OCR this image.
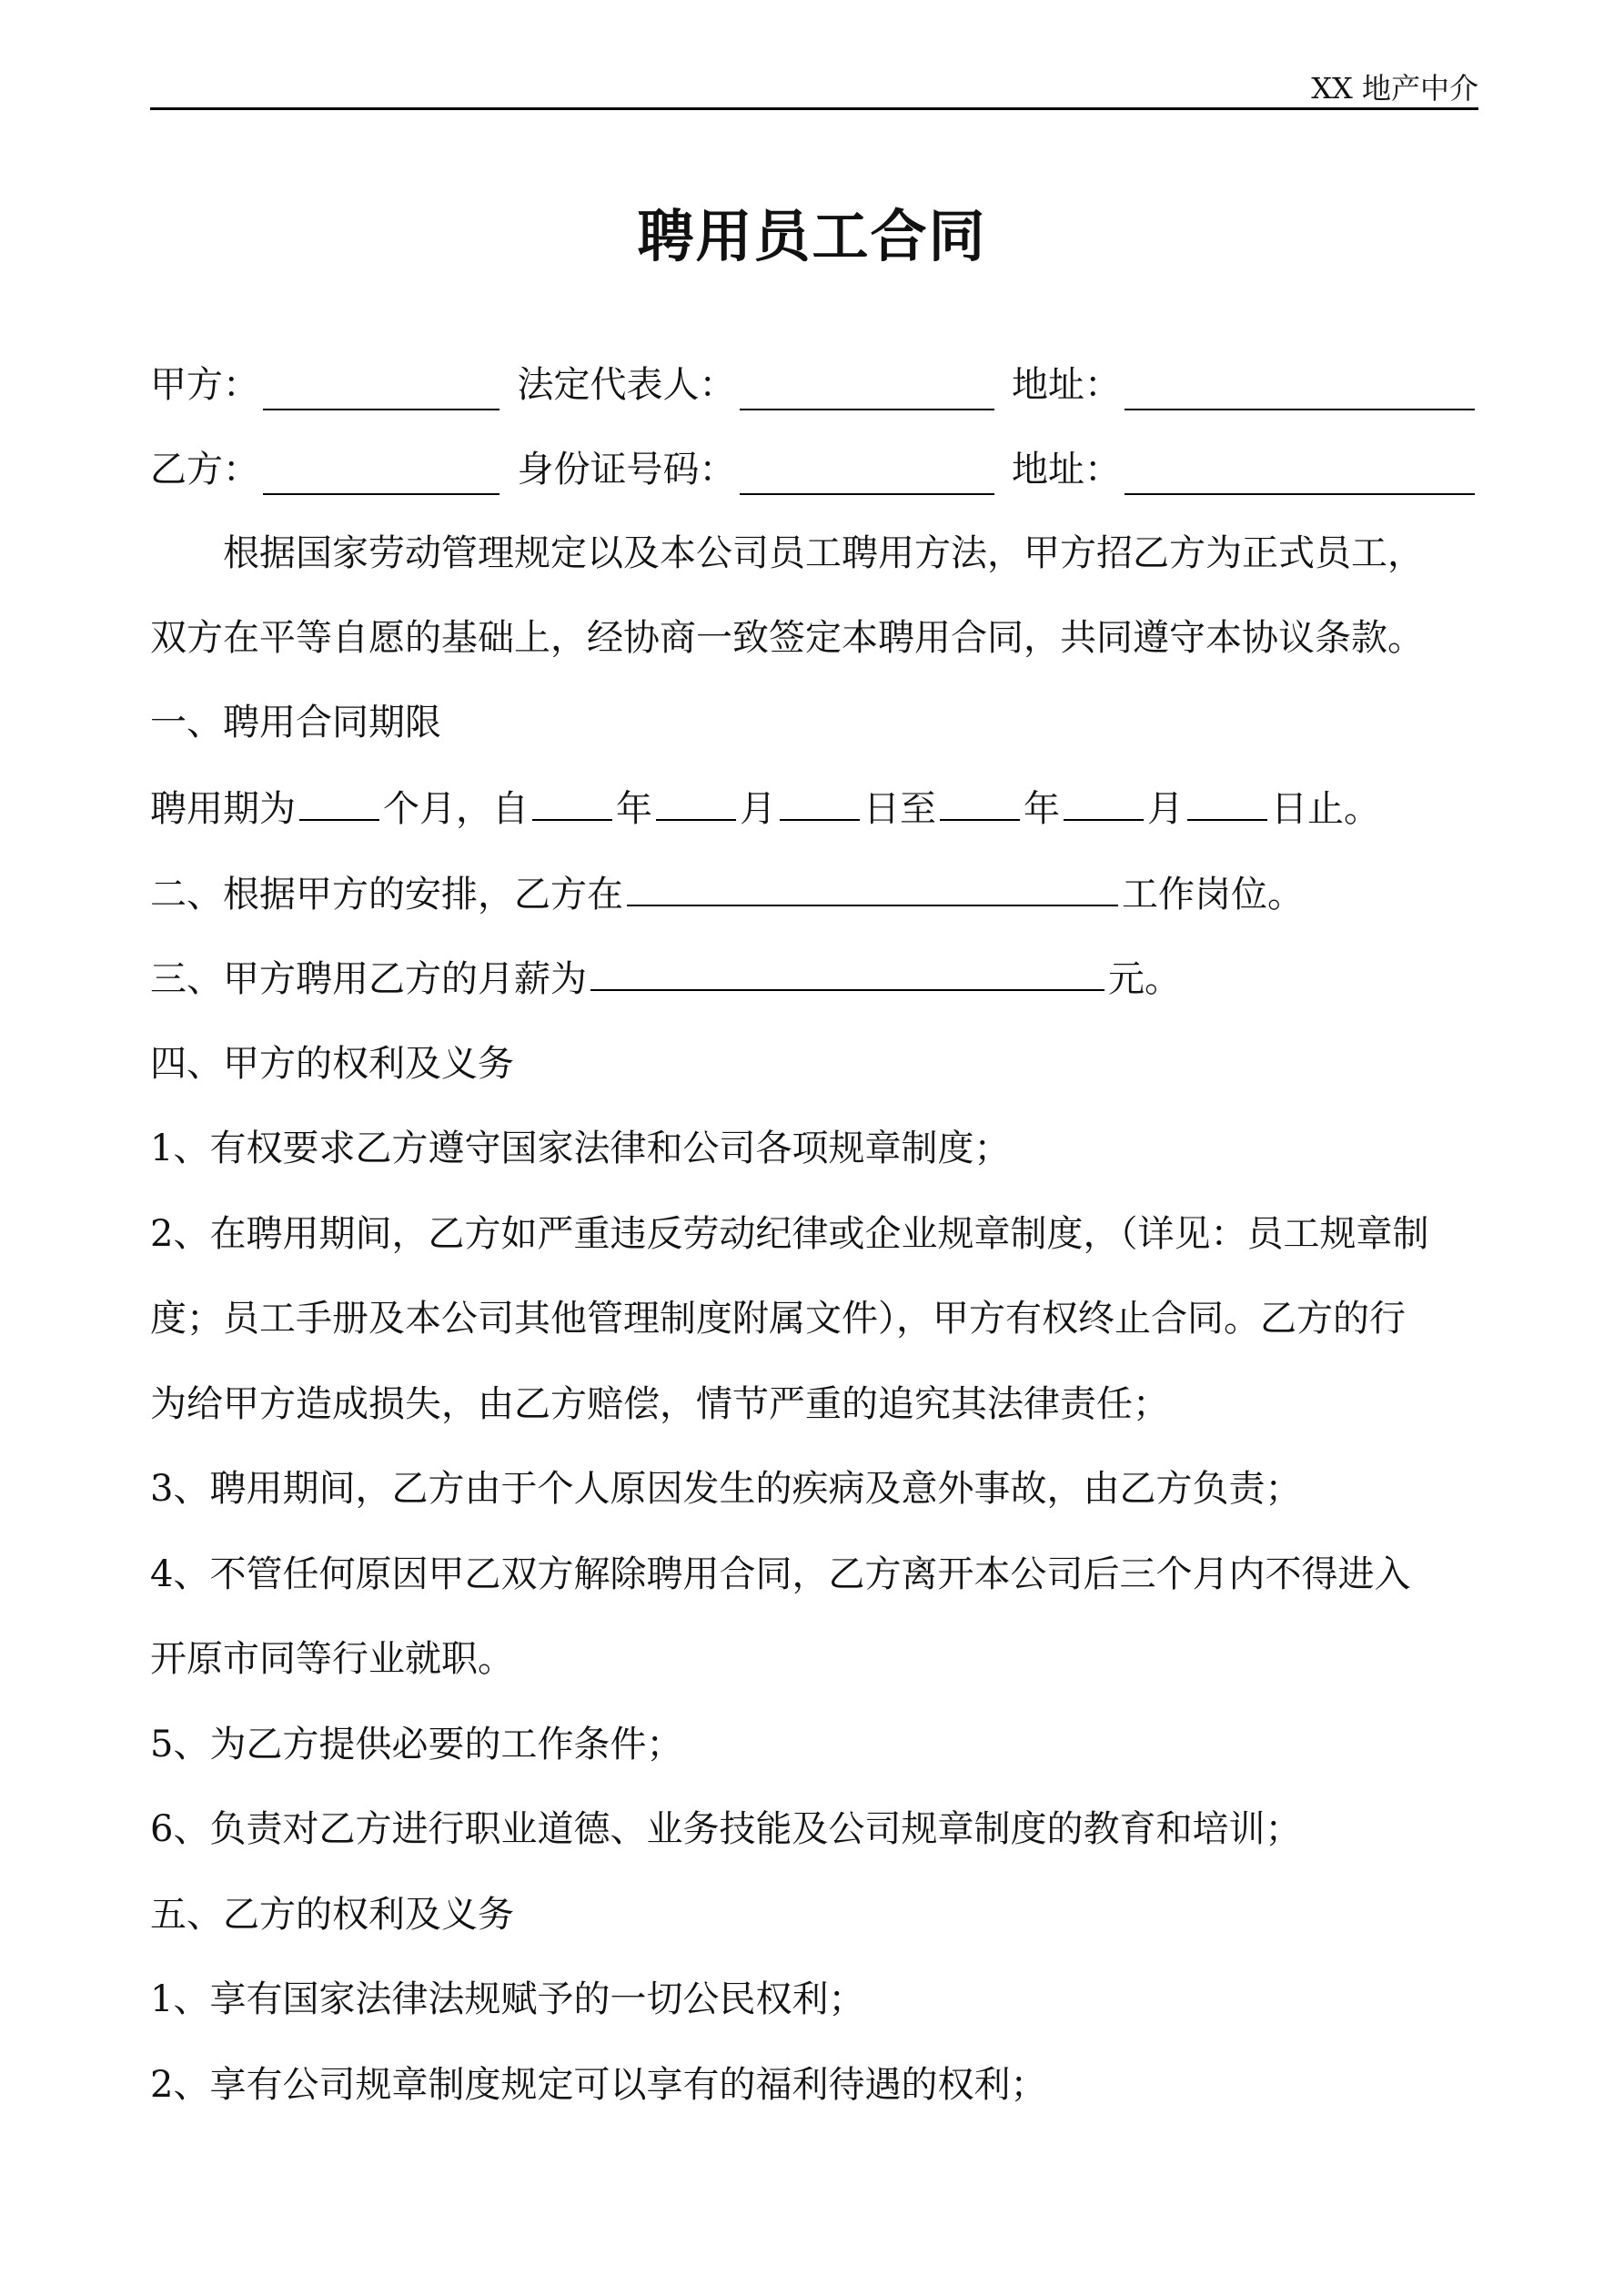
XX 地产中介
聘用员工合同
甲方：	法定代表人：	地址：
乙方：	身份证号码：	地址：
根据国家劳动管理规定以及本公司员工聘用方法，甲方招乙方为正式员工，
双方在平等自愿的基础上，经协商一致签定本聘用合同，共同遵守本协议条款。
一、聘用合同期限
聘用期为 个月，自 年 月 日至 年 月 日止。
二、根据甲方的安排，乙方在	工作岗位。
三、甲方聘用乙方的月薪为	元。
四、甲方的权利及义务
1、有权要求乙方遵守国家法律和公司各项规章制度；
2、在聘用期间，乙方如严重违反劳动纪律或企业规章制度，（详见：员工规章制
度；员工手册及本公司其他管理制度附属文件），甲方有权终止合同。乙方的行
为给甲方造成损失，由乙方赔偿，情节严重的追究其法律责任；
3、聘用期间，乙方由于个人原因发生的疾病及意外事故，由乙方负责；
4、不管任何原因甲乙双方解除聘用合同，乙方离开本公司后三个月内不得进入
开原市同等行业就职。
5、为乙方提供必要的工作条件；
6、负责对乙方进行职业道德、业务技能及公司规章制度的教育和培训；
五、乙方的权利及义务
1、享有国家法律法规赋予的一切公民权利；
2、享有公司规章制度规定可以享有的福利待遇的权利；
